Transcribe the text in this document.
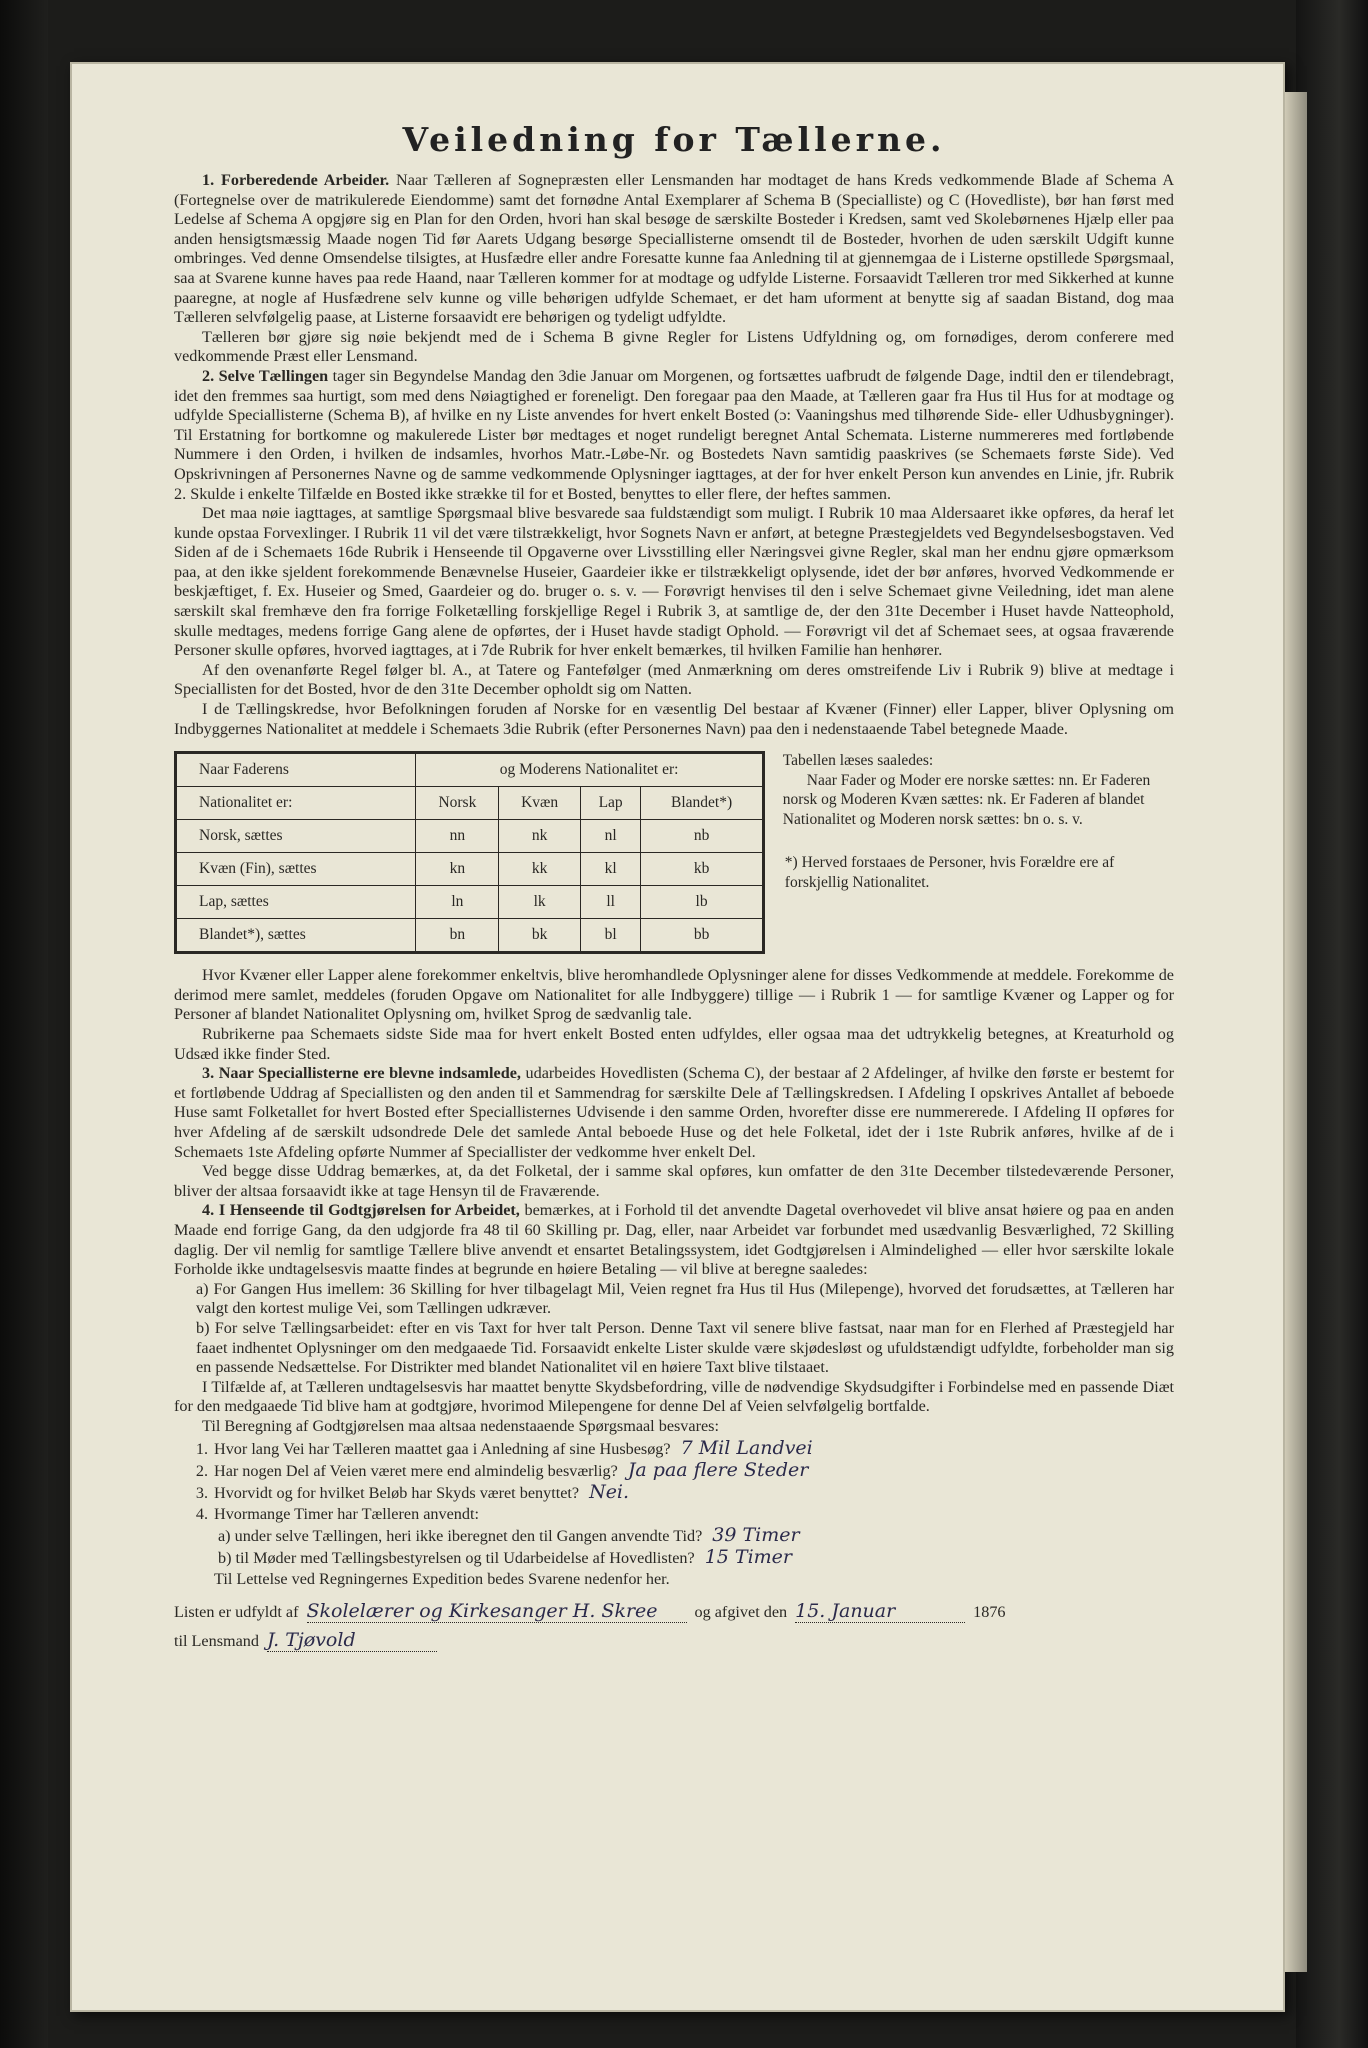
Veiledning for Tællerne.

1. Forberedende Arbeider. Naar Tælleren af Sognepræsten eller Lensmanden har modtaget de hans Kreds vedkommende Blade af Schema A (Fortegnelse over de matrikulerede Eiendomme) samt det fornødne Antal Exemplarer af Schema B (Specialliste) og C (Hovedliste), bør han først med Ledelse af Schema A opgjøre sig en Plan for den Orden, hvori han skal besøge de særskilte Bosteder i Kredsen, samt ved Skolebørnenes Hjælp eller paa anden hensigtsmæssig Maade nogen Tid før Aarets Udgang besørge Speciallisterne omsendt til de Bosteder, hvorhen de uden særskilt Udgift kunne ombringes. Ved denne Omsendelse tilsigtes, at Husfædre eller andre Foresatte kunne faa Anledning til at gjennemgaa de i Listerne opstillede Spørgsmaal, saa at Svarene kunne haves paa rede Haand, naar Tælleren kommer for at modtage og udfylde Listerne. Forsaavidt Tælleren tror med Sikkerhed at kunne paaregne, at nogle af Husfædrene selv kunne og ville behørigen udfylde Schemaet, er det ham uforment at benytte sig af saadan Bistand, dog maa Tælleren selvfølgelig paase, at Listerne forsaavidt ere behørigen og tydeligt udfyldte.

Tælleren bør gjøre sig nøie bekjendt med de i Schema B givne Regler for Listens Udfyldning og, om fornødiges, derom conferere med vedkommende Præst eller Lensmand.

2. Selve Tællingen tager sin Begyndelse Mandag den 3die Januar om Morgenen, og fortsættes uafbrudt de følgende Dage, indtil den er tilendebragt, idet den fremmes saa hurtigt, som med dens Nøiagtighed er foreneligt. Den foregaar paa den Maade, at Tælleren gaar fra Hus til Hus for at modtage og udfylde Speciallisterne (Schema B), af hvilke en ny Liste anvendes for hvert enkelt Bosted (ɔ: Vaaningshus med tilhørende Side- eller Udhusbygninger). Til Erstatning for bortkomne og makulerede Lister bør medtages et noget rundeligt beregnet Antal Schemata. Listerne nummereres med fortløbende Nummere i den Orden, i hvilken de indsamles, hvorhos Matr.-Løbe-Nr. og Bostedets Navn samtidig paaskrives (se Schemaets første Side). Ved Opskrivningen af Personernes Navne og de samme vedkommende Oplysninger iagttages, at der for hver enkelt Person kun anvendes en Linie, jfr. Rubrik 2. Skulde i enkelte Tilfælde en Bosted ikke strække til for et Bosted, benyttes to eller flere, der heftes sammen.

Det maa nøie iagttages, at samtlige Spørgsmaal blive besvarede saa fuldstændigt som muligt. I Rubrik 10 maa Aldersaaret ikke opføres, da heraf let kunde opstaa Forvexlinger. I Rubrik 11 vil det være tilstrækkeligt, hvor Sognets Navn er anført, at betegne Præstegjeldets ved Begyndelsesbogstaven. Ved Siden af de i Schemaets 16de Rubrik i Henseende til Opgaverne over Livsstilling eller Næringsvei givne Regler, skal man her endnu gjøre opmærksom paa, at den ikke sjeldent forekommende Benævnelse Huseier, Gaardeier ikke er tilstrækkeligt oplysende, idet der bør anføres, hvorved Vedkommende er beskjæftiget, f. Ex. Huseier og Smed, Gaardeier og do. bruger o. s. v. — Forøvrigt henvises til den i selve Schemaet givne Veiledning, idet man alene særskilt skal fremhæve den fra forrige Folketælling forskjellige Regel i Rubrik 3, at samtlige de, der den 31te December i Huset havde Natteophold, skulle medtages, medens forrige Gang alene de opførtes, der i Huset havde stadigt Ophold. — Forøvrigt vil det af Schemaet sees, at ogsaa fraværende Personer skulle opføres, hvorved iagttages, at i 7de Rubrik for hver enkelt bemærkes, til hvilken Familie han henhører.

Af den ovenanførte Regel følger bl. A., at Tatere og Fantefølger (med Anmærkning om deres omstreifende Liv i Rubrik 9) blive at medtage i Speciallisten for det Bosted, hvor de den 31te December opholdt sig om Natten.

I de Tællingskredse, hvor Befolkningen foruden af Norske for en væsentlig Del bestaar af Kvæner (Finner) eller Lapper, bliver Oplysning om Indbyggernes Nationalitet at meddele i Schemaets 3die Rubrik (efter Personernes Navn) paa den i nedenstaaende Tabel betegnede Maade.

Naar Faderens	og Moderens Nationalitet er:			
Nationalitet er:	Norsk	Kvæn	Lap	Blandet*)
Norsk, sættes	nn	nk	nl	nb
Kvæn (Fin), sættes	kn	kk	kl	kb
Lap, sættes	ln	lk	ll	lb
Blandet*), sættes	bn	bk	bl	bb
Tabellen læses saaledes:
Naar Fader og Moder ere norske sættes: nn. Er Faderen norsk og Moderen Kvæn sættes: nk. Er Faderen af blandet Nationalitet og Moderen norsk sættes: bn o. s. v.
*) Herved forstaaes de Personer, hvis Forældre ere af forskjellig Nationalitet.

Hvor Kvæner eller Lapper alene forekommer enkeltvis, blive heromhandlede Oplysninger alene for disses Vedkommende at meddele. Forekomme de derimod mere samlet, meddeles (foruden Opgave om Nationalitet for alle Indbyggere) tillige — i Rubrik 1 — for samtlige Kvæner og Lapper og for Personer af blandet Nationalitet Oplysning om, hvilket Sprog de sædvanlig tale.

Rubrikerne paa Schemaets sidste Side maa for hvert enkelt Bosted enten udfyldes, eller ogsaa maa det udtrykkelig betegnes, at Kreaturhold og Udsæd ikke finder Sted.

3. Naar Speciallisterne ere blevne indsamlede, udarbeides Hovedlisten (Schema C), der bestaar af 2 Afdelinger, af hvilke den første er bestemt for et fortløbende Uddrag af Speciallisten og den anden til et Sammendrag for særskilte Dele af Tællingskredsen. I Afdeling I opskrives Antallet af beboede Huse samt Folketallet for hvert Bosted efter Speciallisternes Udvisende i den samme Orden, hvorefter disse ere nummererede. I Afdeling II opføres for hver Afdeling af de særskilt udsondrede Dele det samlede Antal beboede Huse og det hele Folketal, idet der i 1ste Rubrik anføres, hvilke af de i Schemaets 1ste Afdeling opførte Nummer af Speciallister der vedkomme hver enkelt Del.

Ved begge disse Uddrag bemærkes, at, da det Folketal, der i samme skal opføres, kun omfatter de den 31te December tilstedeværende Personer, bliver der altsaa forsaavidt ikke at tage Hensyn til de Fraværende.

4. I Henseende til Godtgjørelsen for Arbeidet, bemærkes, at i Forhold til det anvendte Dagetal overhovedet vil blive ansat høiere og paa en anden Maade end forrige Gang, da den udgjorde fra 48 til 60 Skilling pr. Dag, eller, naar Arbeidet var forbundet med usædvanlig Besværlighed, 72 Skilling daglig. Der vil nemlig for samtlige Tællere blive anvendt et ensartet Betalingssystem, idet Godtgjørelsen i Almindelighed — eller hvor særskilte lokale Forholde ikke undtagelsesvis maatte findes at begrunde en høiere Betaling — vil blive at beregne saaledes:

a) For Gangen Hus imellem: 36 Skilling for hver tilbagelagt Mil, Veien regnet fra Hus til Hus (Milepenge), hvorved det forudsættes, at Tælleren har valgt den kortest mulige Vei, som Tællingen udkræver.

b) For selve Tællingsarbeidet: efter en vis Taxt for hver talt Person. Denne Taxt vil senere blive fastsat, naar man for en Flerhed af Præstegjeld har faaet indhentet Oplysninger om den medgaaede Tid. Forsaavidt enkelte Lister skulde være skjødesløst og ufuldstændigt udfyldte, forbeholder man sig en passende Nedsættelse. For Distrikter med blandet Nationalitet vil en høiere Taxt blive tilstaaet.

I Tilfælde af, at Tælleren undtagelsesvis har maattet benytte Skydsbefordring, ville de nødvendige Skydsudgifter i Forbindelse med en passende Diæt for den medgaaede Tid blive ham at godtgjøre, hvorimod Milepengene for denne Del af Veien selvfølgelig bortfalde.

Til Beregning af Godtgjørelsen maa altsaa nedenstaaende Spørgsmaal besvares:

1. Hvor lang Vei har Tælleren maattet gaa i Anledning af sine Husbesøg? 7 Mil Landvei
2. Har nogen Del af Veien været mere end almindelig besværlig? Ja paa flere Steder
3. Hvorvidt og for hvilket Beløb har Skyds været benyttet? Nei.
4. Hvormange Timer har Tælleren anvendt:
a) under selve Tællingen, heri ikke iberegnet den til Gangen anvendte Tid? 39 Timer
b) til Møder med Tællingsbestyrelsen og til Udarbeidelse af Hovedlisten? 15 Timer
Til Lettelse ved Regningernes Expedition bedes Svarene nedenfor her.
Listen er udfyldt af Skolelærer og Kirkesanger H. Skree	og afgivet den 15. Januar	1876
til Lensmand J. Tjøvold
